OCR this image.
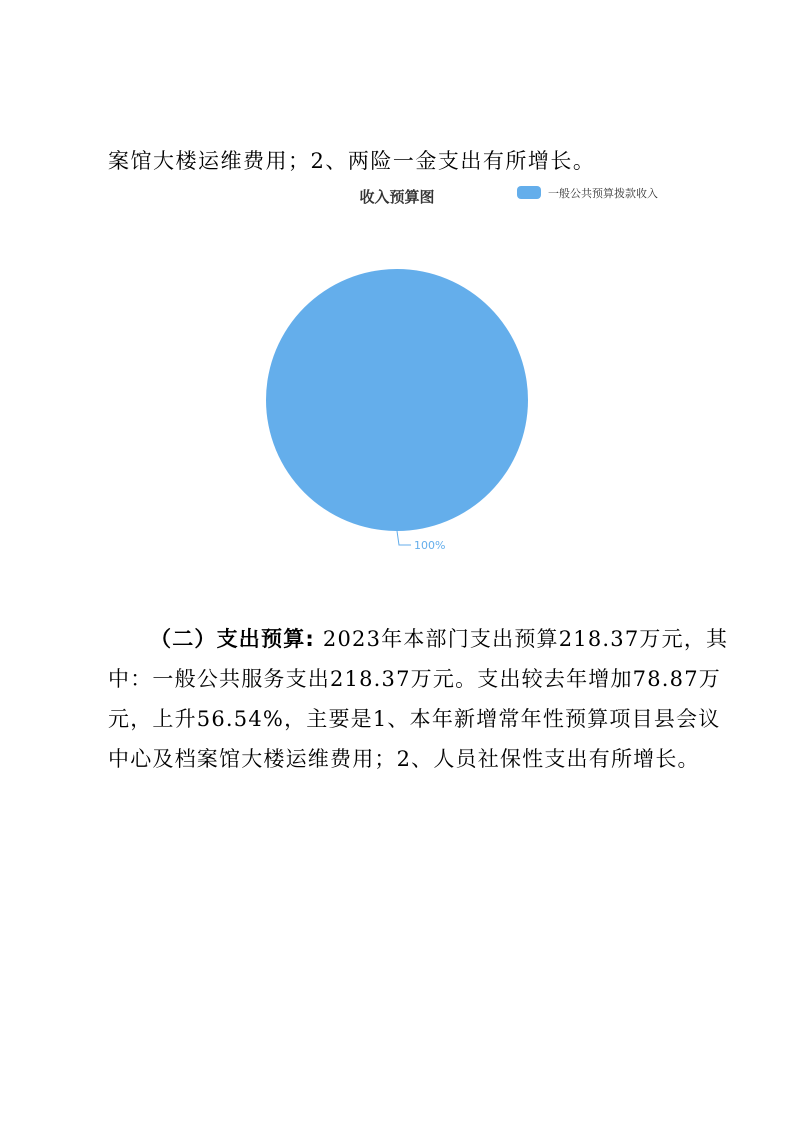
案馆大楼运维费用；2、两险一金支出有所增长。
收入预算图	一般公共预算拨款收入
100%
（二）支出预算: 2023年本部门支出预算218.37万元，其
中：一般公共服务支出218.37万元。支出较去年增加78.87万
元，上升56.54%，主要是1、本年新增常年性预算项目县会议
中心及档案馆大楼运维费用；2、人员社保性支出有所增长。
